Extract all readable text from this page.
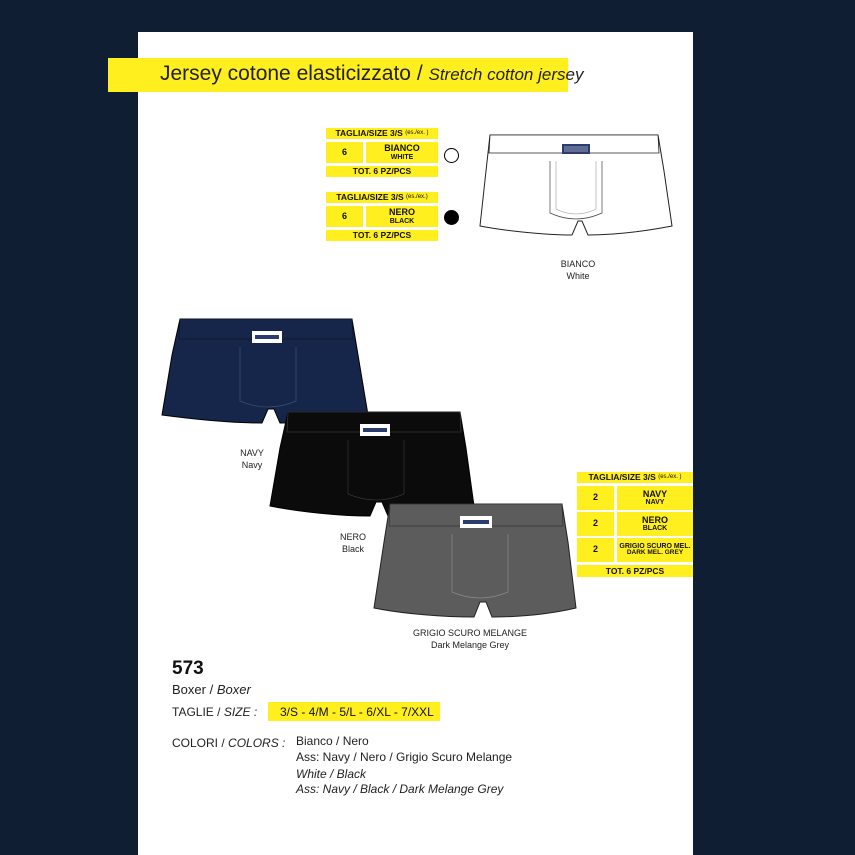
Jersey cotone elasticizzato / Stretch cotton jersey
TAGLIA/SIZE 3/S
(es./ex. )
6	BIANCO
WHITE
TOT. 6 PZ/PCS
TAGLIA/SIZE 3/S
(es./ex.)
6	NERO
BLACK
TOT. 6 PZ/PCS
TAGLIA/SIZE 3/S
(es./ex. )
2	NAVY
NAVY
2	NERO
BLACK
2	GRIGIO SCURO MEL.
DARK MEL. GREY
TOT. 6 PZ/PCS
BIANCO
White
NAVY
Navy
NERO
Black
GRIGIO SCURO MELANGE
Dark Melange Grey
573
Boxer / Boxer
TAGLIE / SIZE :	3/S - 4/M - 5/L - 6/XL - 7/XXL
COLORI / COLORS : Bianco / Nero
Ass: Navy / Nero / Grigio Scuro Melange
White / Black
Ass: Navy / Black / Dark Melange Grey
